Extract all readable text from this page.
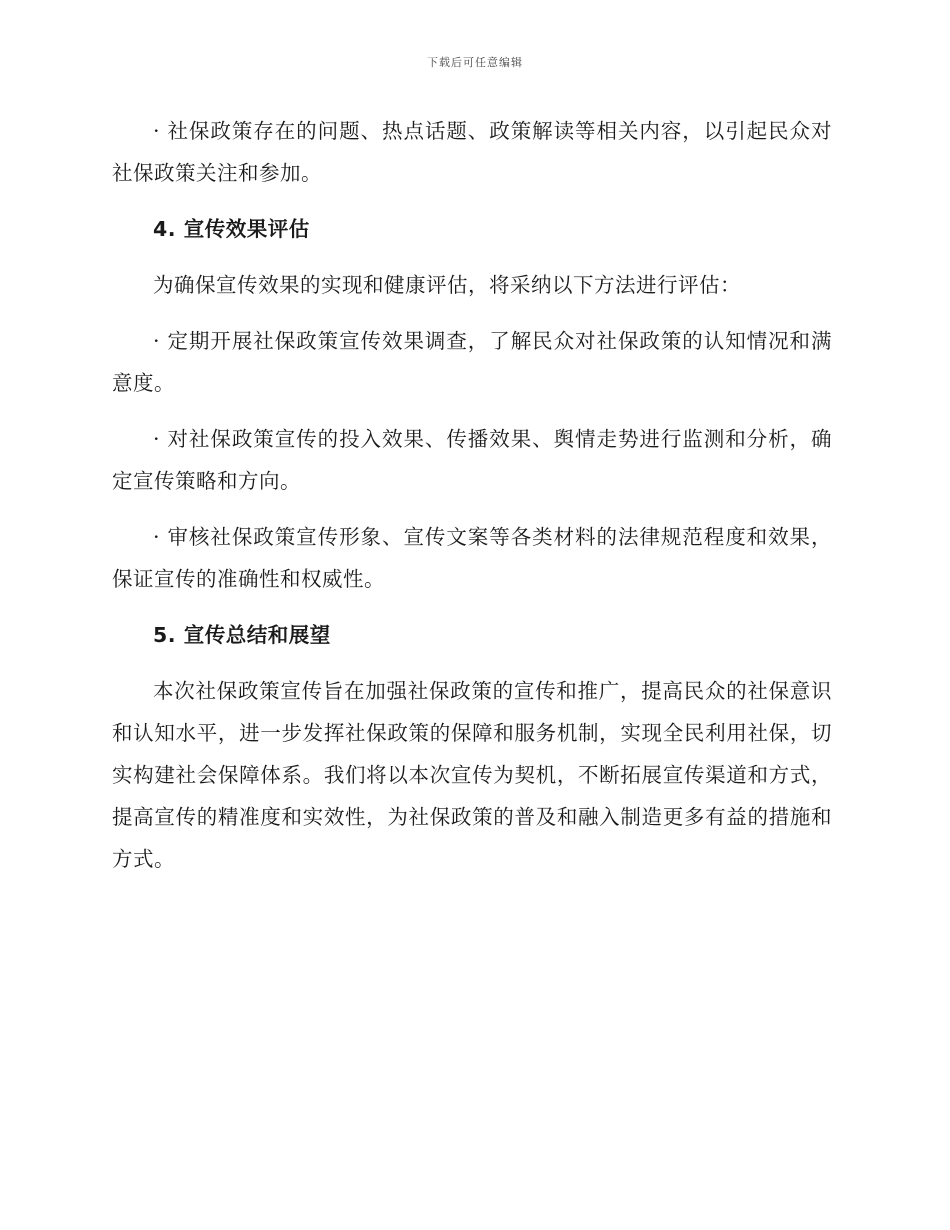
下载后可任意编辑

· 社保政策存在的问题、热点话题、政策解读等相关内容，以引起民众对社保政策关注和参加。

4. 宣传效果评估

为确保宣传效果的实现和健康评估，将采纳以下方法进行评估：

· 定期开展社保政策宣传效果调查，了解民众对社保政策的认知情况和满意度。

· 对社保政策宣传的投入效果、传播效果、舆情走势进行监测和分析，确定宣传策略和方向。

· 审核社保政策宣传形象、宣传文案等各类材料的法律规范程度和效果，保证宣传的准确性和权威性。

5. 宣传总结和展望

本次社保政策宣传旨在加强社保政策的宣传和推广，提高民众的社保意识和认知水平，进一步发挥社保政策的保障和服务机制，实现全民利用社保，切实构建社会保障体系。我们将以本次宣传为契机，不断拓展宣传渠道和方式，提高宣传的精准度和实效性，为社保政策的普及和融入制造更多有益的措施和方式。
